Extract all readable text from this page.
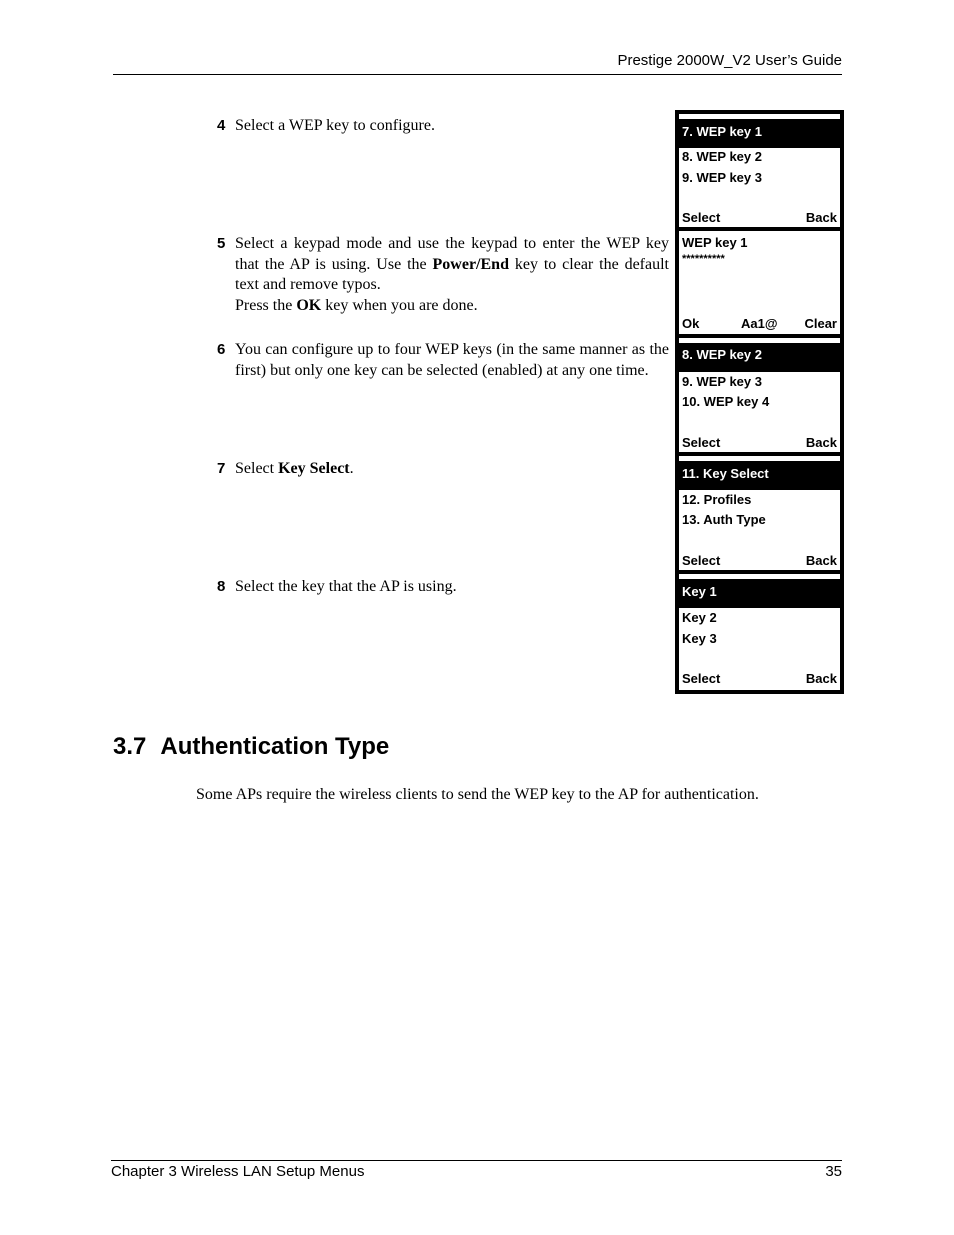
Prestige 2000W_V2 User’s Guide
4 Select a WEP key to configure.
5 Select a keypad mode and use the keypad to enter the WEP key that the AP is using. Use the Power/End key to clear the default text and remove typos.

Press the OK key when you are done.

6 You can configure up to four WEP keys (in the same manner as the first) but only one key can be selected (enabled) at any one time.
7 Select Key Select.
8 Select the key that the AP is using.
7. WEP key 1
8. WEP key 2
9. WEP key 3
Select	Back
WEP key 1
**********
Ok	Aa1@ Clear
8. WEP key 2
9. WEP key 3
10. WEP key 4
Select	Back
11. Key Select
12. Profiles
13. Auth Type
Select	Back
Key 1
Key 2
Key 3
Select	Back
3.7 Authentication Type
Some APs require the wireless clients to send the WEP key to the AP for authentication.
Chapter 3 Wireless LAN Setup Menus	35
